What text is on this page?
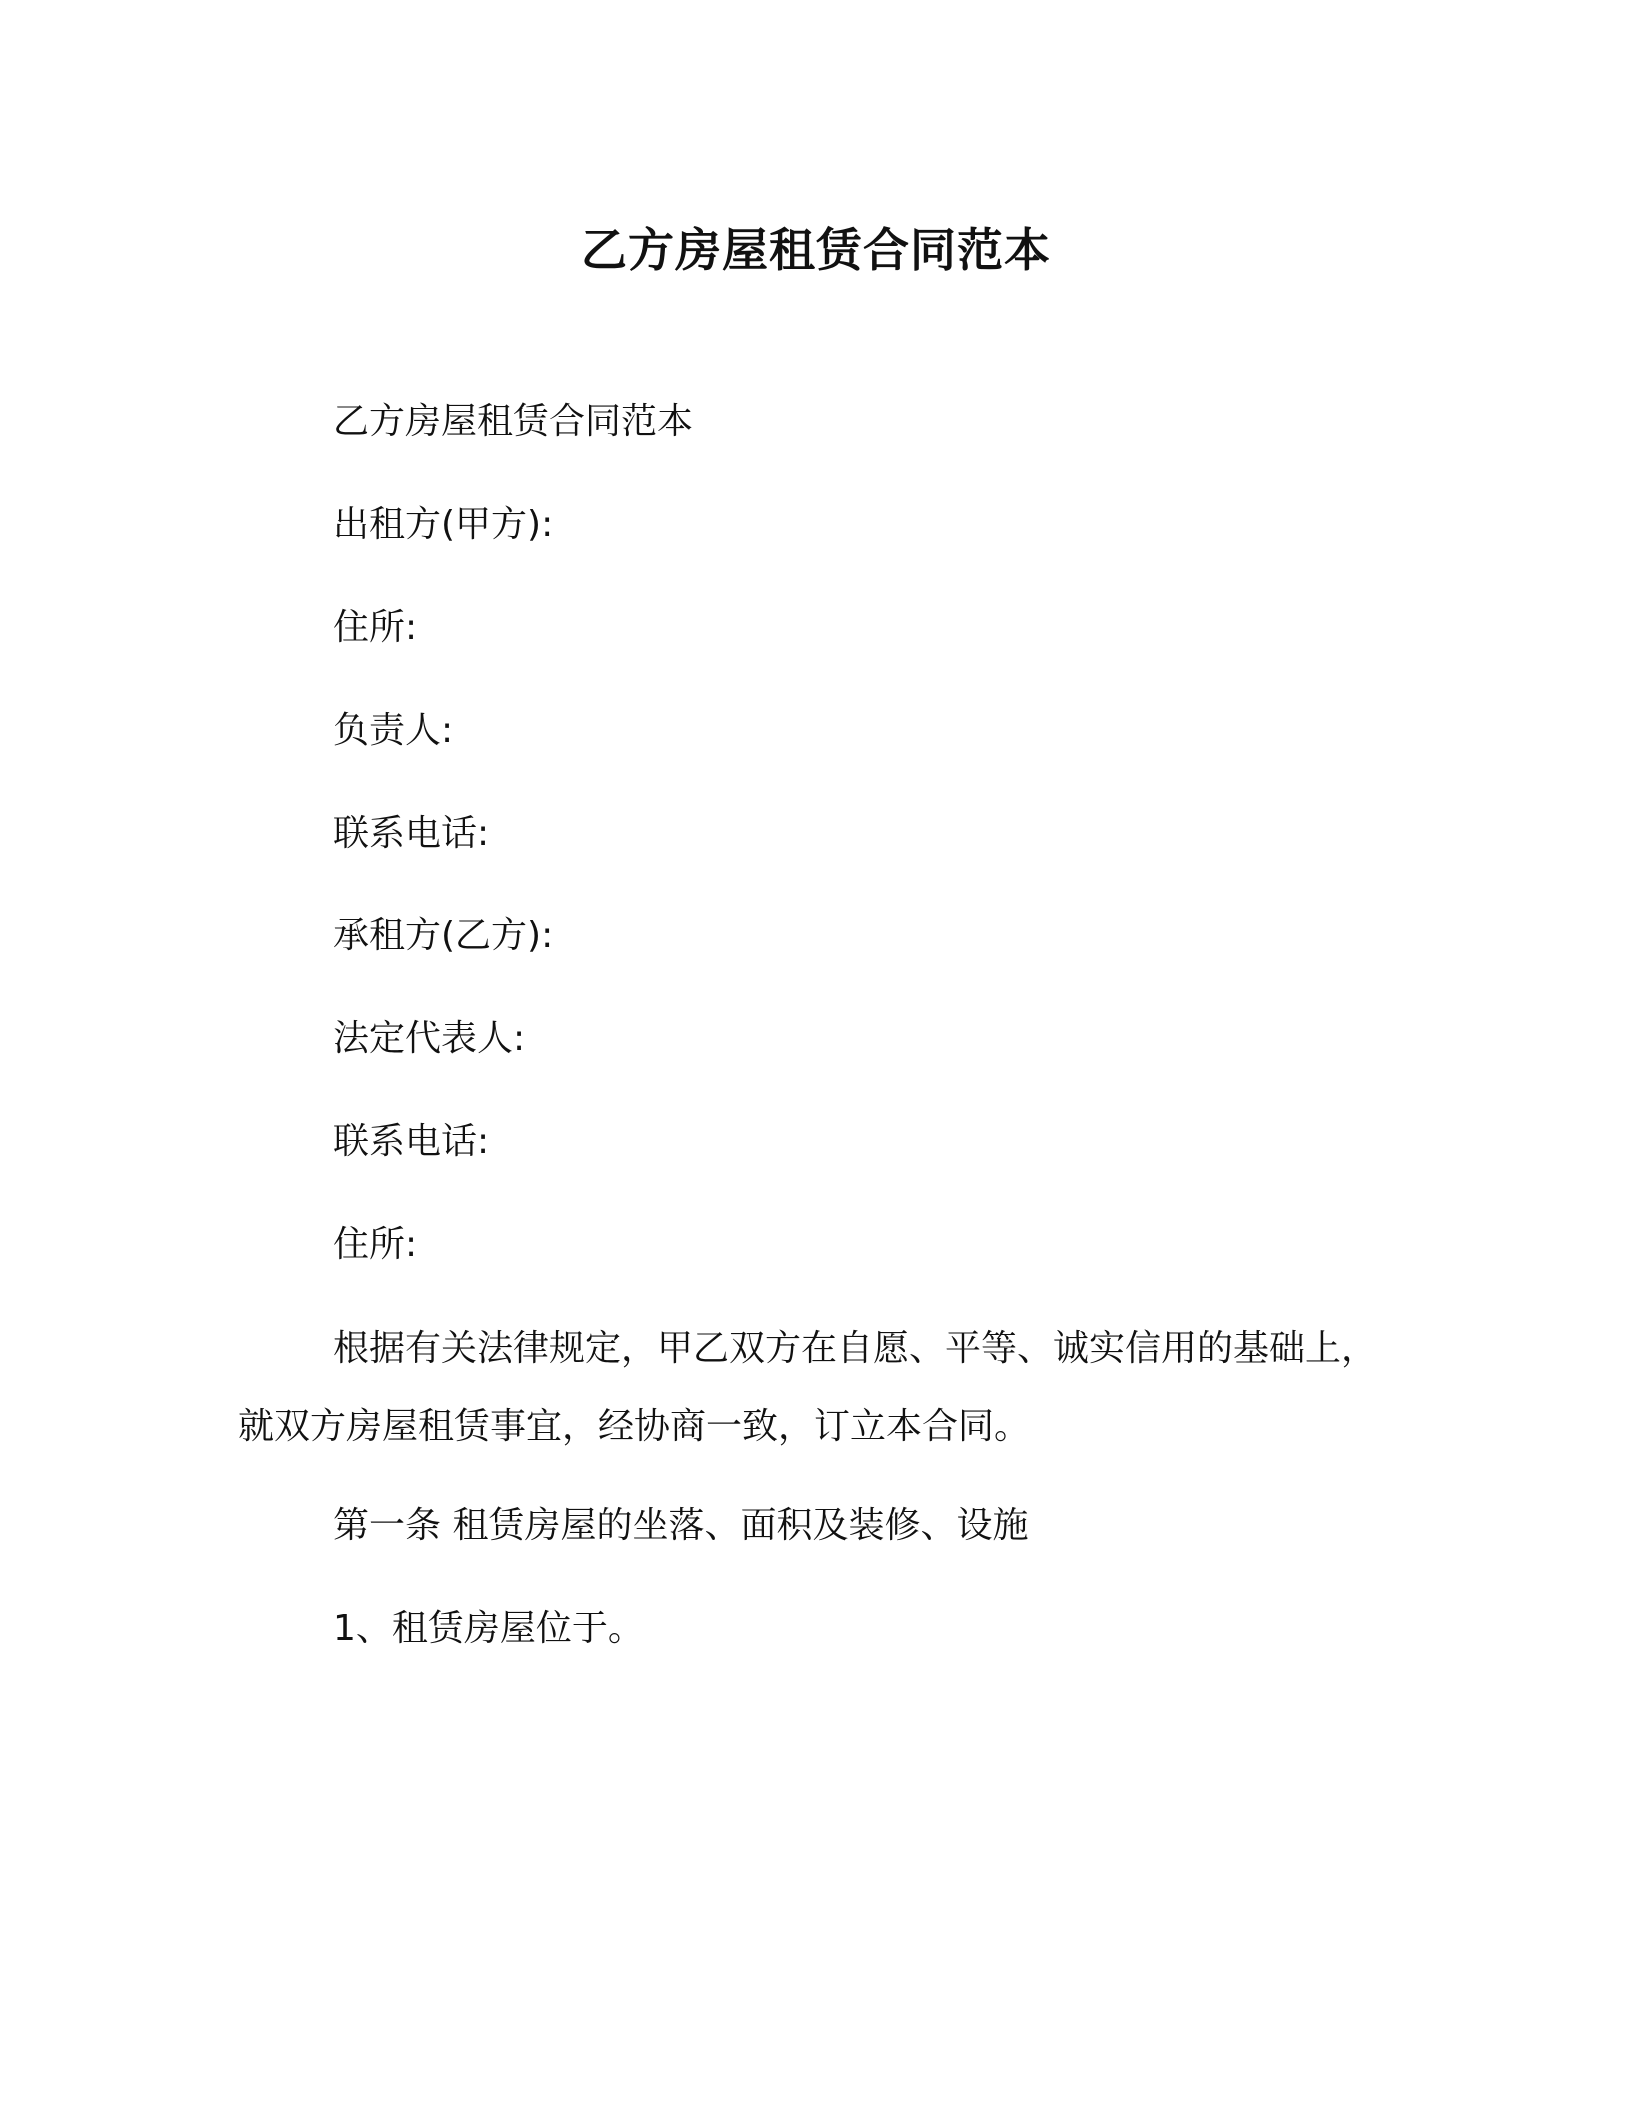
乙方房屋租赁合同范本
乙方房屋租赁合同范本
出租方(甲方):
住所:
负责人:
联系电话:
承租方(乙方):
法定代表人:
联系电话:
住所:
根据有关法律规定，甲乙双方在自愿、平等、诚实信用的基础上，
就双方房屋租赁事宜，经协商一致，订立本合同。
第一条 租赁房屋的坐落、面积及装修、设施
1、租赁房屋位于。
